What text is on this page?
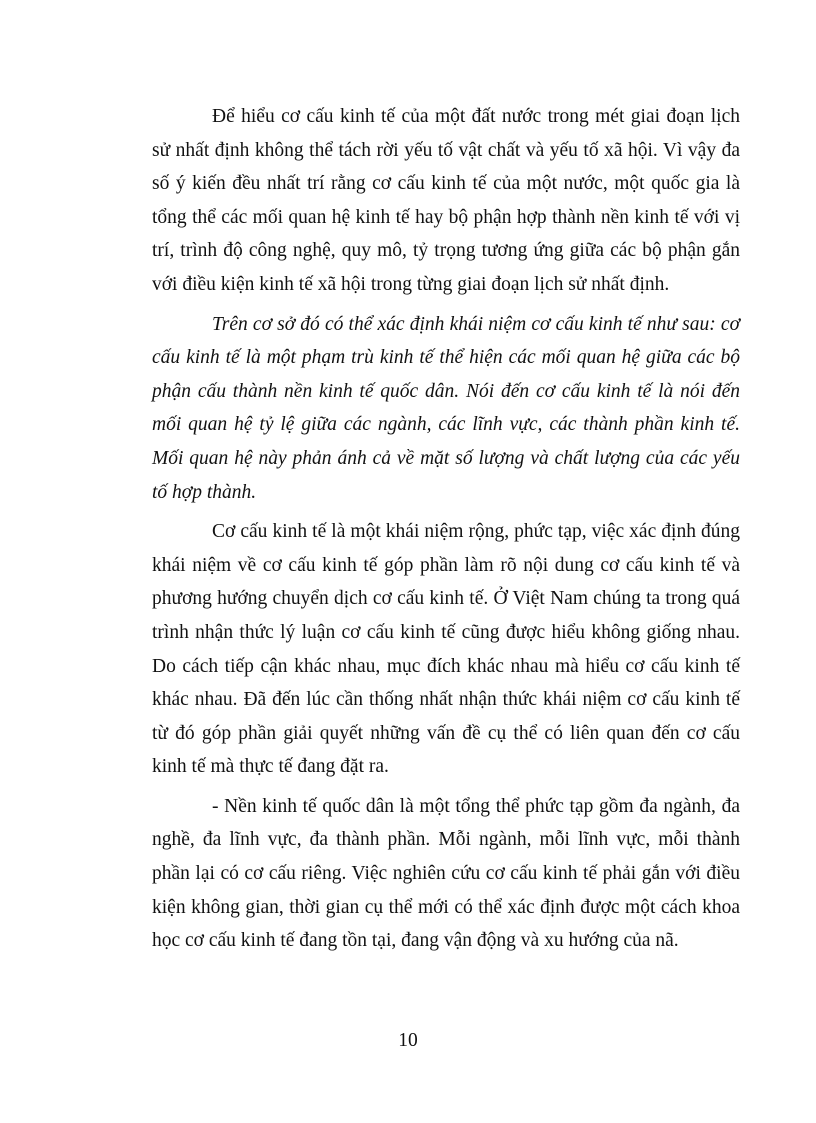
Để hiểu cơ cấu kinh tế của một đất nước trong mét giai đoạn lịch sử nhất định không thể tách rời yếu tố vật chất và yếu tố xã hội. Vì vậy đa số ý kiến đều nhất trí rằng cơ cấu kinh tế của một nước, một quốc gia là tổng thể các mối quan hệ kinh tế hay bộ phận hợp thành nền kinh tế với vị trí, trình độ công nghệ, quy mô, tỷ trọng tương ứng giữa các bộ phận gắn với điều kiện kinh tế xã hội trong từng giai đoạn lịch sử nhất định.

Trên cơ sở đó có thể xác định khái niệm cơ cấu kinh tế như sau: cơ cấu kinh tế là một phạm trù kinh tế thể hiện các mối quan hệ giữa các bộ phận cấu thành nền kinh tế quốc dân. Nói đến cơ cấu kinh tế là nói đến mối quan hệ tỷ lệ giữa các ngành, các lĩnh vực, các thành phần kinh tế. Mối quan hệ này phản ánh cả về mặt số lượng và chất lượng của các yếu tố hợp thành.

Cơ cấu kinh tế là một khái niệm rộng, phức tạp, việc xác định đúng khái niệm về cơ cấu kinh tế góp phần làm rõ nội dung cơ cấu kinh tế và phương hướng chuyển dịch cơ cấu kinh tế. Ở Việt Nam chúng ta trong quá trình nhận thức lý luận cơ cấu kinh tế cũng được hiểu không giống nhau. Do cách tiếp cận khác nhau, mục đích khác nhau mà hiểu cơ cấu kinh tế khác nhau. Đã đến lúc cần thống nhất nhận thức khái niệm cơ cấu kinh tế từ đó góp phần giải quyết những vấn đề cụ thể có liên quan đến cơ cấu kinh tế mà thực tế đang đặt ra.

- Nền kinh tế quốc dân là một tổng thể phức tạp gồm đa ngành, đa nghề, đa lĩnh vực, đa thành phần. Mỗi ngành, mỗi lĩnh vực, mỗi thành phần lại có cơ cấu riêng. Việc nghiên cứu cơ cấu kinh tế phải gắn với điều kiện không gian, thời gian cụ thể mới có thể xác định được một cách khoa học cơ cấu kinh tế đang tồn tại, đang vận động và xu hướng của nã.

10
